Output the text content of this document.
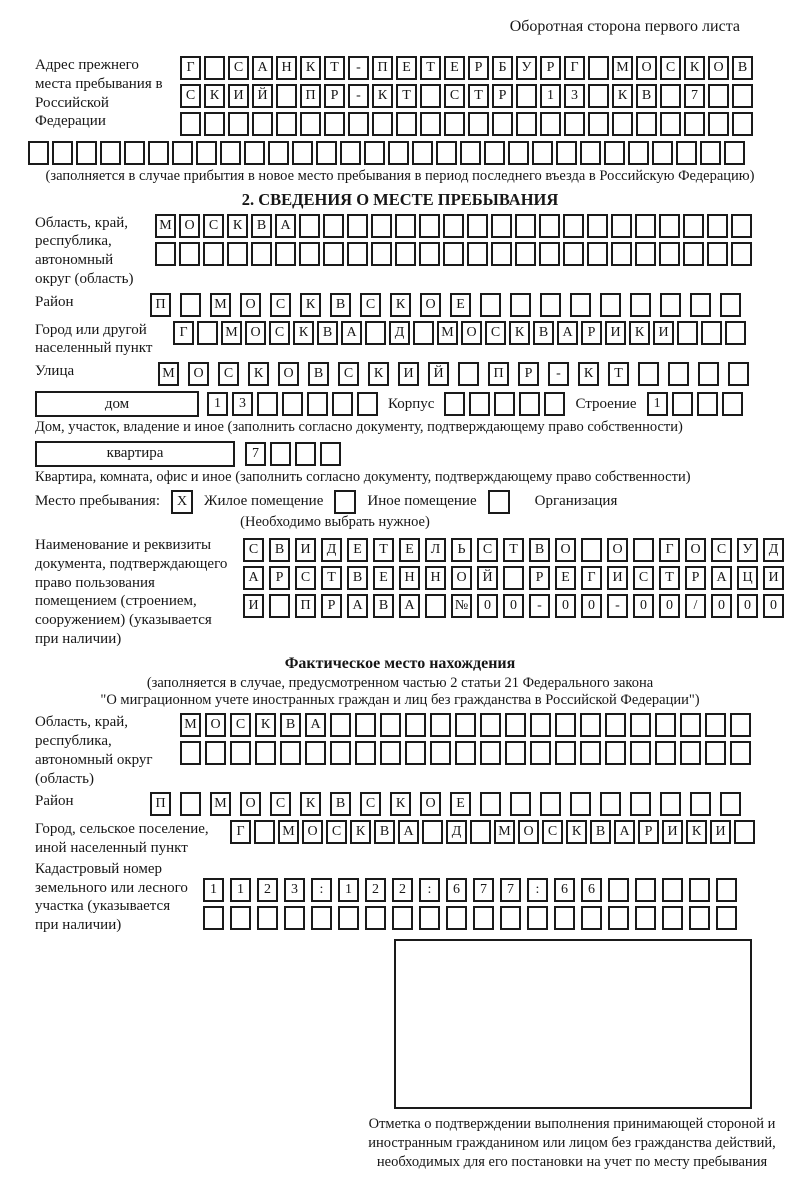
Оборотная сторона первого листа
Адрес прежнего места пребывания в Российской Федерации
Г	С	А Н	К	Т	-	П	Е	Т	Е	Р	Б	У	Р	Г	М О	С	К	О	В
С	К	И Й	П	Р	-	К	Т	С	Т	Р	1	3	К	В	7
(заполняется в случае прибытия в новое место пребывания в период последнего въезда в Российскую Федерацию)
2. СВЕДЕНИЯ О МЕСТЕ ПРЕБЫВАНИЯ
Область, край, республика, автономный округ (область)
М О	С	К	В	А
Район	П	М	О	С	К	В	С	К	О	Е
Город или другой населенный пункт
Г	М О	С	К	В	А	Д	М О	С	К	В	А	Р	И	К	И
Улица	М	О	С	К	О	В	С	К	И	Й	П	Р	-	К	Т
дом	1	3	Корпус	Строение	1
Дом, участок, владение и иное (заполнить согласно документу, подтверждающему право собственности)
квартира	7
Квартира, комната, офис и иное (заполнить согласно документу, подтверждающему право собственности)
Место пребывания:	X	Жилое помещение	Иное помещение	Организация
(Необходимо выбрать нужное)
Наименование и реквизиты документа, подтверждающего право пользования помещением (строением, сооружением) (указывается при наличии)
С	В	И	Д	Е	Т	Е	Л	Ь	С	Т	В	О	О	Г	О	С	У	Д
А	Р	С	Т	В	Е	Н	Н	О	Й	Р	Е	Г	И	С	Т	Р	А	Ц	И
И	П	Р	А	В	А	№	0	0	-	0	0	-	0	0	/	0	0	0
Фактическое место нахождения
(заполняется в случае, предусмотренном частью 2 статьи 21 Федерального закона
"О миграционном учете иностранных граждан и лиц без гражданства в Российской Федерации")
Область, край, республика, автономный округ (область)
М О	С	К	В	А
Район	П	М	О	С	К	В	С	К	О	Е
Город, сельское поселение, иной населенный пункт
Г	М О	С	К	В	А	Д	М О	С	К	В	А	Р	И	К	И
Кадастровый номер земельного или лесного участка (указывается при наличии)
1	1	2	3	:	1	2	2	:	6	7	7	:	6	6
Отметка о подтверждении выполнения принимающей стороной и иностранным гражданином или лицом без гражданства действий, необходимых для его постановки на учет по месту пребывания
